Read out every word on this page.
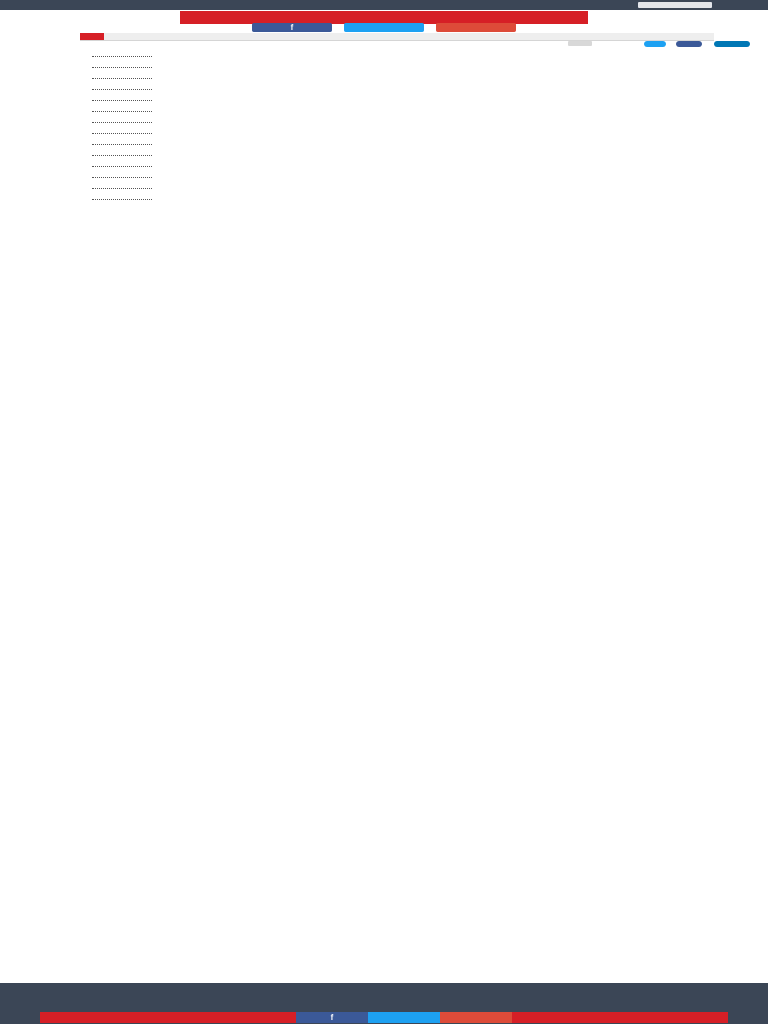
f

f
